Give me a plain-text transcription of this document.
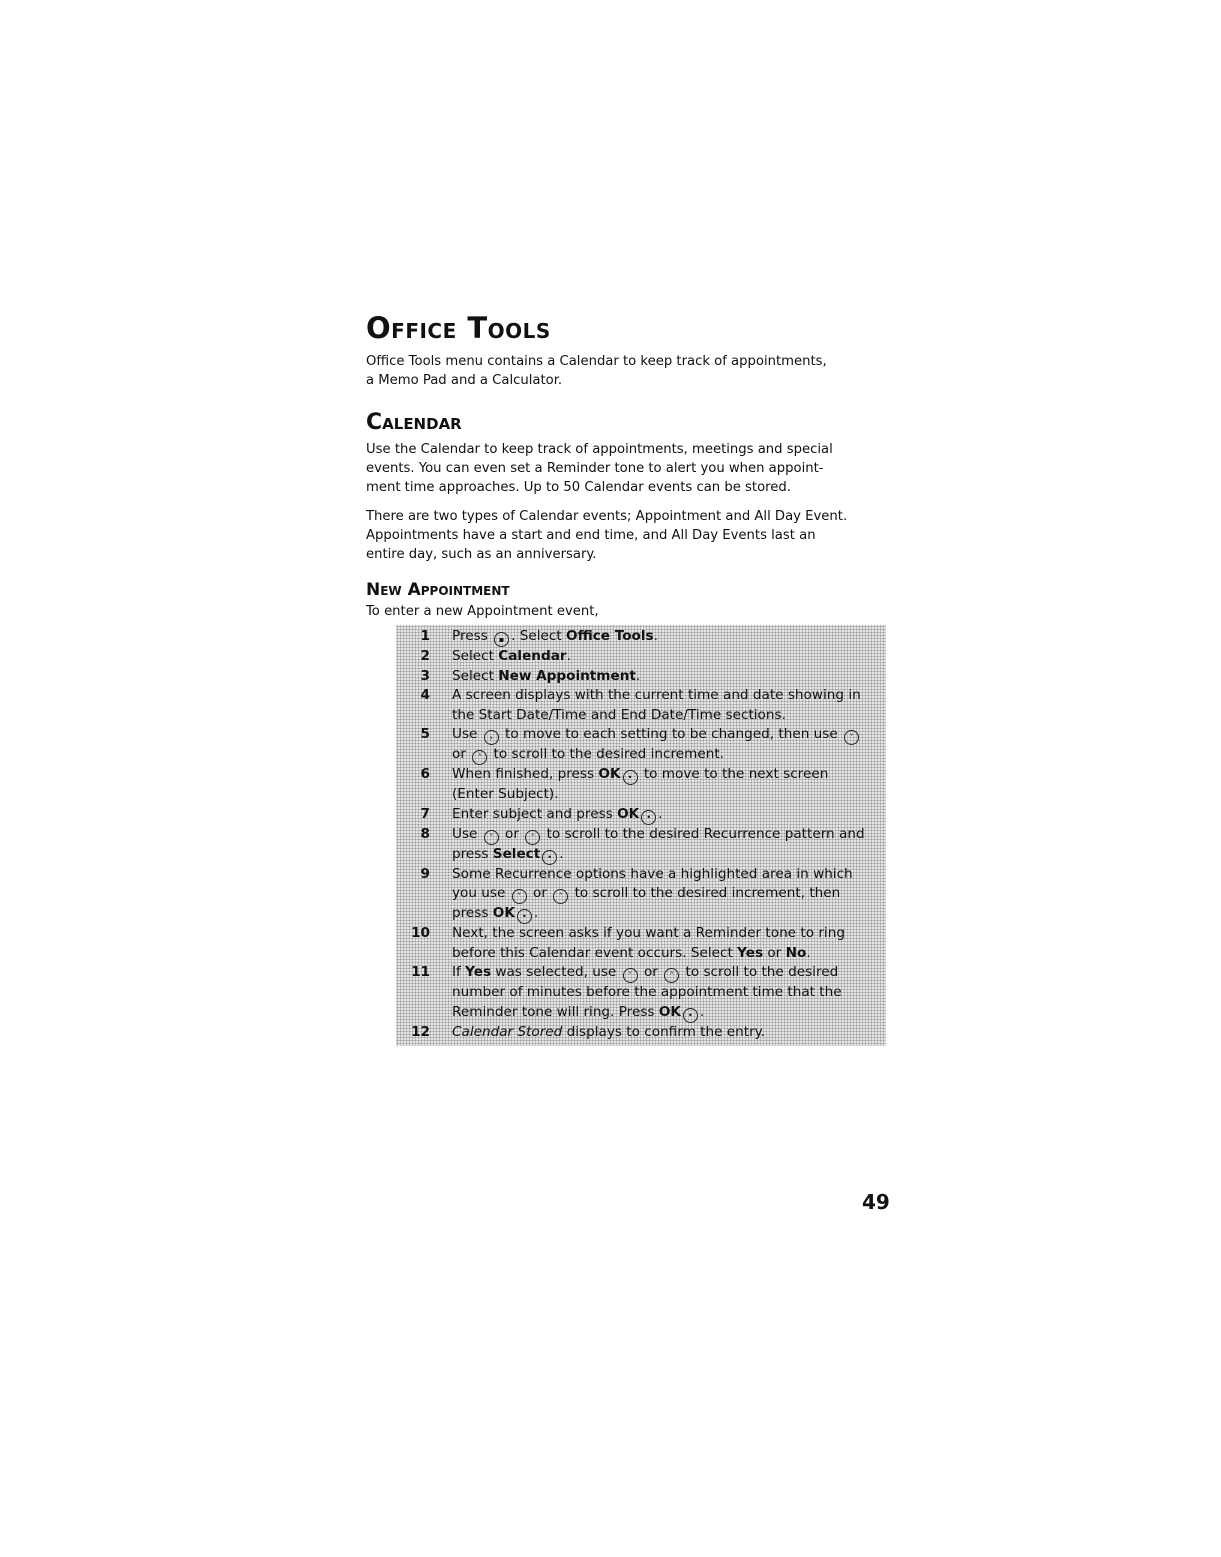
Office Tools
Office Tools menu contains a Calendar to keep track of appointments,
a Memo Pad and a Calculator.
Calendar
Use the Calendar to keep track of appointments, meetings and special
events. You can even set a Reminder tone to alert you when appoint-
ment time approaches. Up to 50 Calendar events can be stored.
There are two types of Calendar events; Appointment and All Day Event.
Appointments have a start and end time, and All Day Events last an
entire day, such as an anniversary.
New Appointment
To enter a new Appointment event,
1	Press ▪ . Select Office Tools.
2	Select Calendar.
3	Select New Appointment.
4	A screen displays with the current time and date showing in the Start Date/Time and End Date/Time sections.
5	Use › to move to each setting to be changed, then use ˅ or ˄ to scroll to the desired increment.
6	When finished, press OK • to move to the next screen (Enter Subject).
7	Enter subject and press OK • .
8	Use ˅ or ˄ to scroll to the desired Recurrence pattern and press Select • .
9	Some Recurrence options have a highlighted area in which you use ˅ or ˄ to scroll to the desired increment, then press OK • .
10	Next, the screen asks if you want a Reminder tone to ring before this Calendar event occurs. Select Yes or No.
11	If Yes was selected, use ˅ or ˄ to scroll to the desired number of minutes before the appointment time that the Reminder tone will ring. Press OK • .
12	Calendar Stored displays to confirm the entry.
49
